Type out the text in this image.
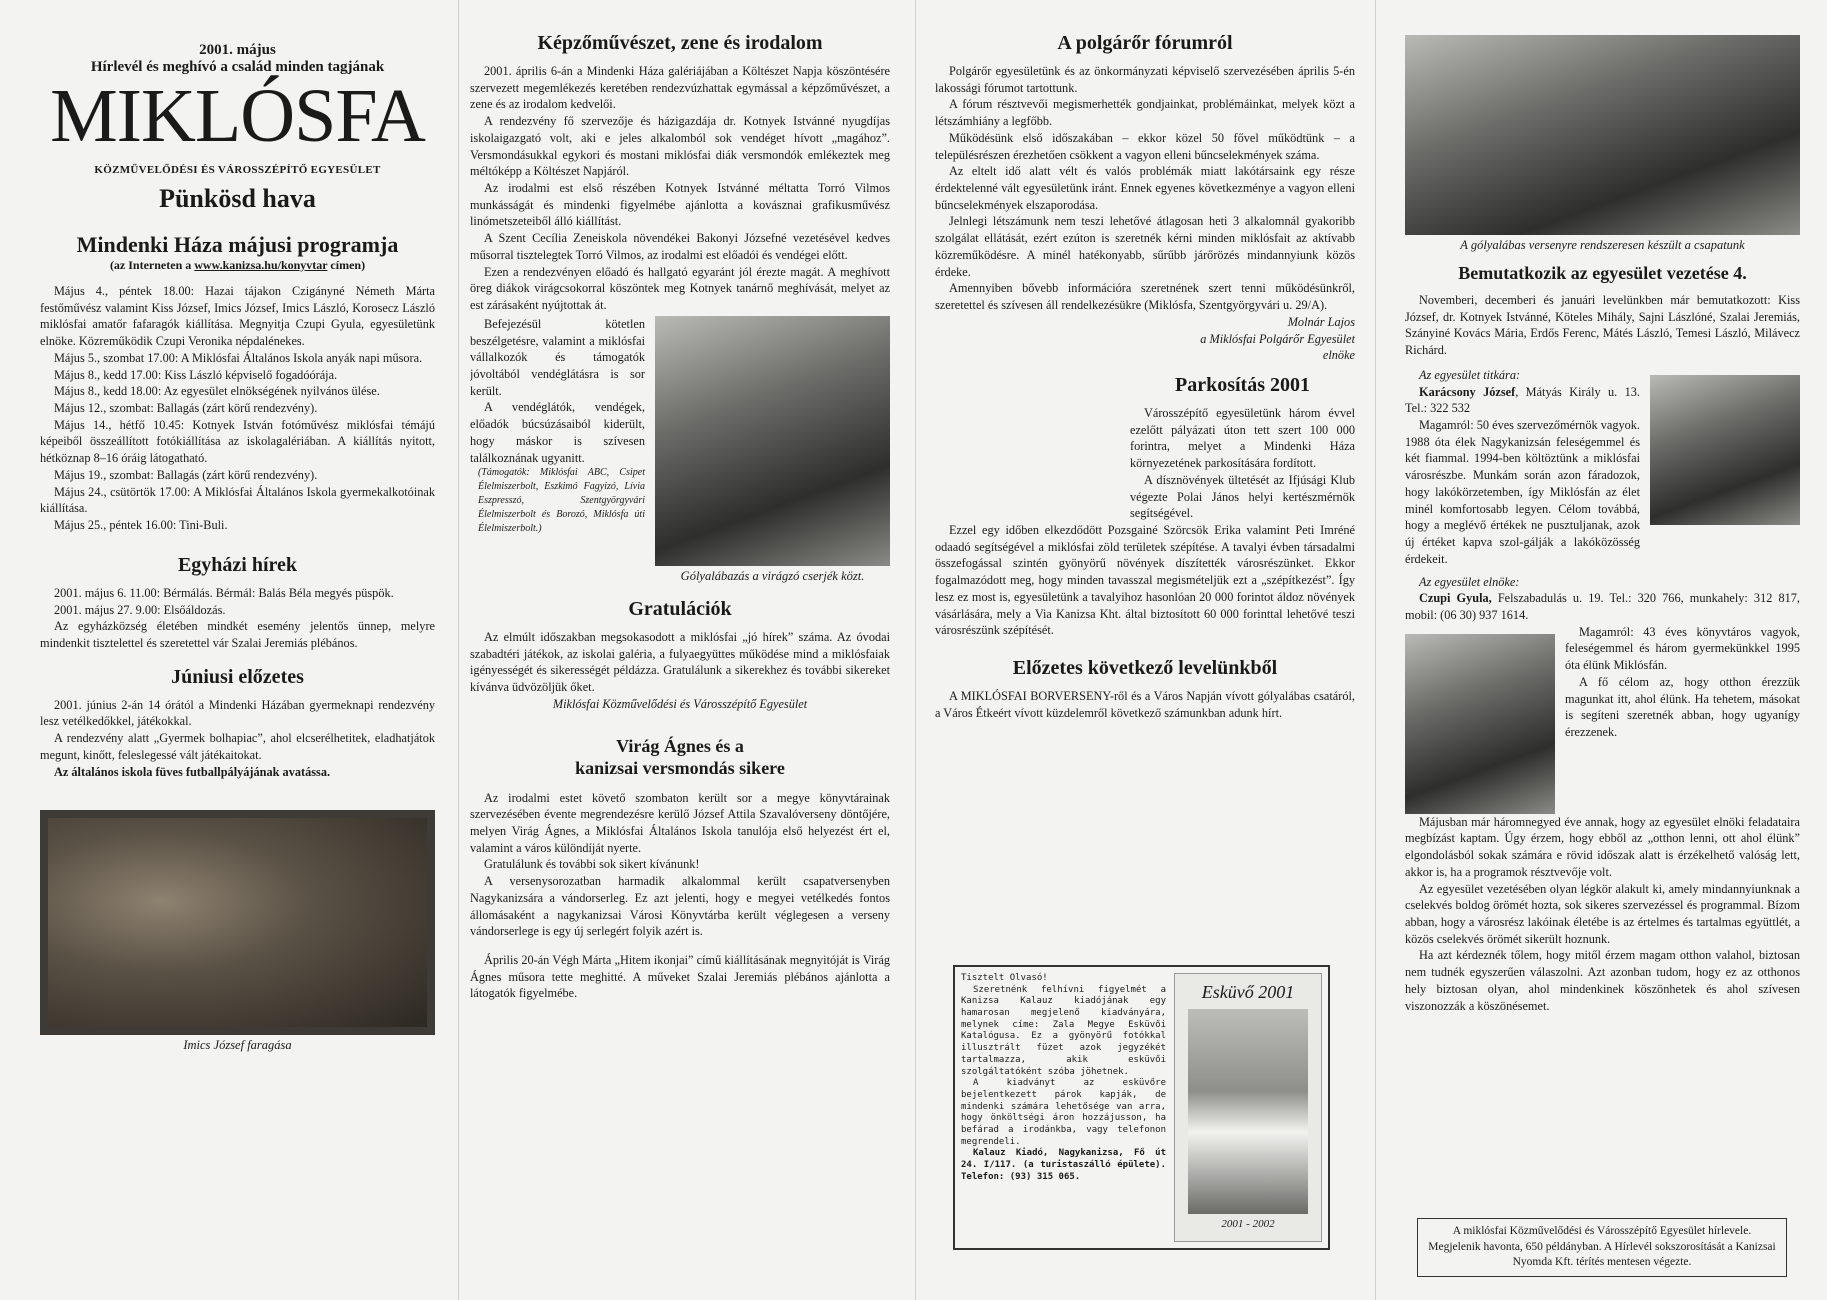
2001. május
Hírlevél és meghívó a család minden tagjának
MIKLÓSFA
KÖZMŰVELŐDÉSI ÉS VÁROSSZÉPÍTŐ EGYESÜLET
Pünkösd hava
Mindenki Háza májusi programja
(az Interneten a www.kanizsa.hu/konyvtar címen)

Május 4., péntek 18.00: Hazai tájakon Czigányné Németh Márta festőművész valamint Kiss József, Imics József, Imics László, Koroseсz László miklósfai amatőr fafaragók kiállítása. Megnyitja Czupi Gyula, egyesületünk elnöke. Közreműködik Czupi Veronika népdalénekes.

Május 5., szombat 17.00: A Miklósfai Általános Iskola anyák napi műsora.

Május 8., kedd 17.00: Kiss László képviselő fogadóórája.

Május 8., kedd 18.00: Az egyesület elnökségének nyilvános ülése.

Május 12., szombat: Ballagás (zárt körű rendezvény).

Május 14., hétfő 10.45: Kotnyek István fotóművész miklósfai témájú képeiből összeállított fotókiállítása az iskolagalériában. A kiállítás nyitott, hétköznap 8–16 óráig látogatható.

Május 19., szombat: Ballagás (zárt körű rendezvény).

Május 24., csütörtök 17.00: A Miklósfai Általános Iskola gyermekalkotóinak kiállítása.

Május 25., péntek 16.00: Tini-Buli.

Egyházi hírek

2001. május 6. 11.00: Bérmálás. Bérmál: Balás Béla megyés püspök.

2001. május 27. 9.00: Elsőáldozás.

Az egyházközség életében mindkét esemény jelentős ünnep, melyre mindenkit tisztelettel és szeretettel vár Szalai Jeremiás plébános.

Júniusi előzetes

2001. június 2-án 14 órától a Mindenki Házában gyermeknapi rendezvény lesz vetélkedőkkel, játékokkal.

A rendezvény alatt „Gyermek bolhapiac”, ahol elcserélhetitek, eladhatjátok megunt, kinőtt, feleslegessé vált játékaitokat.

Az általános iskola füves futballpályájának avatássa.

Imics József faragása
Képzőművészet, zene és irodalom

2001. április 6-án a Mindenki Háza galériájában a Költészet Napja köszöntésére szervezett megemlékezés keretében rendezvúzhattak egymással a képzőművészet, a zene és az irodalom kedvelői.

A rendezvény fő szervezője és házigazdája dr. Kotnyek Istvánné nyugdíjas iskolaigazgató volt, aki e jeles alkalomból sok vendéget hívott „magához”. Versmondásukkal egykori és mostani miklósfai diák versmondók emlékeztek meg méltóképp a Költészet Napjáról.

Az irodalmi est első részében Kotnyek Istvánné méltatta Torró Vilmos munkásságát és mindenki figyelmébe ajánlotta a kovásznai grafikusművész linómetszeteiből álló kiállítást.

A Szent Cecília Zeneiskola növendékei Bakonyi Józsefné vezetésével kedves műsorral tisztelegtek Torró Vilmos, az irodalmi est előadói és vendégei előtt.

Ezen a rendezvényen előadó és hallgató egyaránt jól érezte magát. A meghívott öreg diákok virágcsokorral köszöntek meg Kotnyek tanárnő meghívását, melyet az est zárásaként nyújtottak át.

Befejezésül kötetlen beszélgetésre, valamint a miklósfai vállalkozók és támogatók jóvoltából vendéglátásra is sor került.

A vendéglátók, vendégek, előadók búcsúzásaiból kiderült, hogy máskor is szívesen találkoznának ugyanitt.

(Támogatók: Miklósfai ABC, Csipet Élelmiszerbolt, Eszkimó Fagyizó, Lívia Eszpresszó, Szentgyörgyvári Élelmiszerbolt és Borozó, Miklósfa úti Élelmiszerbolt.)

Gólyalábazás a virágzó cserjék közt.
Gratulációk

Az elmúlt időszakban megsokasodott a miklósfai „jó hírek” száma. Az óvodai szabadtéri játékok, az iskolai galéria, a fulyaegyüttes működése mind a miklósfaiak igényességét és sikerességét példázza. Gratulálunk a sikerekhez és további sikereket kívánva üdvözöljük őket.

Miklósfai Közművelődési és Városszépítő Egyesület
Virág Ágnes és a
kanizsai versmondás sikere

Az irodalmi estet követő szombaton került sor a megye könyvtárainak szervezésében évente megrendezésre kerülő József Attila Szavalóverseny döntőjére, melyen Virág Ágnes, a Miklósfai Általános Iskola tanulója első helyezést ért el, valamint a város különdíját nyerte.

Gratulálunk és további sok sikert kívánunk!

A versenysorozatban harmadik alkalommal került csapatversenyben Nagykanizsára a vándorserleg. Ez azt jelenti, hogy e megyei vetélkedés fontos állomásaként a nagykanizsai Városi Könyvtárba került véglegesen a verseny vándorserlege is egy új serlegért folyik azért is.

Április 20-án Végh Márta „Hitem ikonjai” című kiállításának megnyitóját is Virág Ágnes műsora tette meghitté. A műveket Szalai Jeremiás plébános ajánlotta a látogatók figyelmébe.

A polgárőr fórumról

Polgárőr egyesületünk és az önkormányzati képviselő szervezésében április 5-én lakossági fórumot tartottunk.

A fórum résztvevői megismerhették gondjainkat, problémáinkat, melyek közt a létszámhiány a legfőbb.

Működésünk első időszakában – ekkor közel 50 fővel működtünk – a településrészen érezhetően csökkent a vagyon elleni bűncselekmények száma.

Az eltelt idő alatt vélt és valós problémák miatt lakótársaink egy része érdektelenné vált egyesületünk iránt. Ennek egyenes következménye a vagyon elleni bűncselekmények elszaporodása.

Jelnlegi létszámunk nem teszi lehetővé átlagosan heti 3 alkalomnál gyakoribb szolgálat ellátását, ezért ezúton is szeretnék kérni minden miklósfait az aktívabb közreműködésre. A minél hatékonyabb, sűrűbb járőrözés mindannyiunk közös érdeke.

Amennyiben bővebb információra szeretnének szert tenni működésünkről, szeretettel és szívesen áll rendelkezésükre (Miklósfa, Szentgyörgyvári u. 29/A).

Molnár Lajos
a Miklósfai Polgárőr Egyesület
elnöke
Parkosítás 2001

Városszépítő egyesületünk három évvel ezelőtt pályázati úton tett szert 100 000 forintra, melyet a Mindenki Háza környezetének parkosítására fordított.

A dísznövények ültetését az Ifjúsági Klub végezte Polai János helyi kertészmérnök segítségével.

Ezzel egy időben elkezdődött Pozsgainé Szörcsök Erika valamint Peti Imréné odaadó segítségével a miklósfai zöld területek szépítése. A tavalyi évben társadalmi összefogással szintén gyönyörű növények díszítették városrészünket. Ekkor fogalmazódott meg, hogy minden tavasszal megismételjük ezt a „szépítkezést”. Így lesz ez most is, egyesületünk a tavalyihoz hasonlóan 20 000 forintot áldoz növények vásárlására, mely a Via Kanizsa Kht. által biztosított 60 000 forinttal lehetővé teszi városrészünk szépítését.

Előzetes következő levelünkből

A MIKLÓSFAI BORVERSENY-ről és a Város Napján vívott gólyalábas csatáról, a Város Étkeért vívott küzdelemről következő számunkban adunk hírt.

Tisztelt Olvasó!
Szeretnénk felhívni figyelmét a Kanizsa Kalauz kiadójának egy hamarosan megjelenő kiadványára, melynek címe: Zala Megye Esküvői Katalógusa. Ez a gyönyörű fotókkal illusztrált füzet azok jegyzékét tartalmazza, akik esküvői szolgáltatóként szóba jöhetnek.
A kiadványt az esküvőre bejelentkezett párok kapják, de mindenki számára lehetősége van arra, hogy önköltségi áron hozzájusson, ha befárad a irodánkba, vagy telefonon megrendeli.
Kalauz Kiadó, Nagykanizsa, Fő út 24. I/117. (a turistaszálló épülete). Telefon: (93) 315 065.
Esküvő 2001
2001 - 2002
A gólyalábas versenyre rendszeresen készült a csapatunk
Bemutatkozik az egyesület vezetése 4.

Novemberi, decemberi és januári levelünkben már bemutatkozott: Kiss József, dr. Kotnyek Istvánné, Köteles Mihály, Sajni Lászlóné, Szalai Jeremiás, Szányiné Kovács Mária, Erdős Ferenc, Mátés László, Temesi László, Milávecz Richárd.

Az egyesület titkára:

Karácsony József, Mátyás Király u. 13. Tel.: 322 532

Magamról: 50 éves szervezőmérnök vagyok. 1988 óta élek Nagykanizsán feleségemmel és két fiammal. 1994-ben költöztünk a miklósfai városrészbe. Munkám során azon fáradozok, hogy lakókörzetemben, így Miklósfán az élet minél komfortosabb legyen. Célom továbbá, hogy a meglévő értékek ne pusztuljanak, azok új értéket kapva szol-gálják a lakóközösség érdekeit.

Az egyesület elnöke:

Czupi Gyula, Felszabadulás u. 19. Tel.: 320 766, munkahely: 312 817, mobil: (06 30) 937 1614.

Magamról: 43 éves könyvtáros vagyok, feleségemmel és három gyermekünkkel 1995 óta élünk Miklósfán.

A fő célom az, hogy otthon érezzük magunkat itt, ahol élünk. Ha tehetem, másokat is segíteni szeretnék abban, hogy ugyanígy érezzenek.

Májusban már háromnegyed éve annak, hogy az egyesület elnöki feladataira megbízást kaptam. Úgy érzem, hogy ebből az „otthon lenni, ott ahol élünk” elgondolásból sokak számára e rövid időszak alatt is érzékelhető valóság lett, akkor is, ha a programok résztvevője volt.

Az egyesület vezetésében olyan légkör alakult ki, amely mindannyiunknak a cselekvés boldog örömét hozta, sok sikeres szervezéssel és programmal. Bízom abban, hogy a városrész lakóinak életébe is az értelmes és tartalmas együttlét, a közös cselekvés örömét sikerült hoznunk.

Ha azt kérdeznék tőlem, hogy mitől érzem magam otthon valahol, biztosan nem tudnék egyszerűen válaszolni. Azt azonban tudom, hogy ez az otthonos hely biztosan olyan, ahol mindenkinek köszönhetek és ahol szívesen viszonozzák a köszönésemet.

A miklósfai Közművelődési és Városszépítő Egyesület hírlevele. Megjelenik havonta, 650 példányban. A Hírlevél sokszorosítását a Kanizsai Nyomda Kft. térítés mentesen végezte.
